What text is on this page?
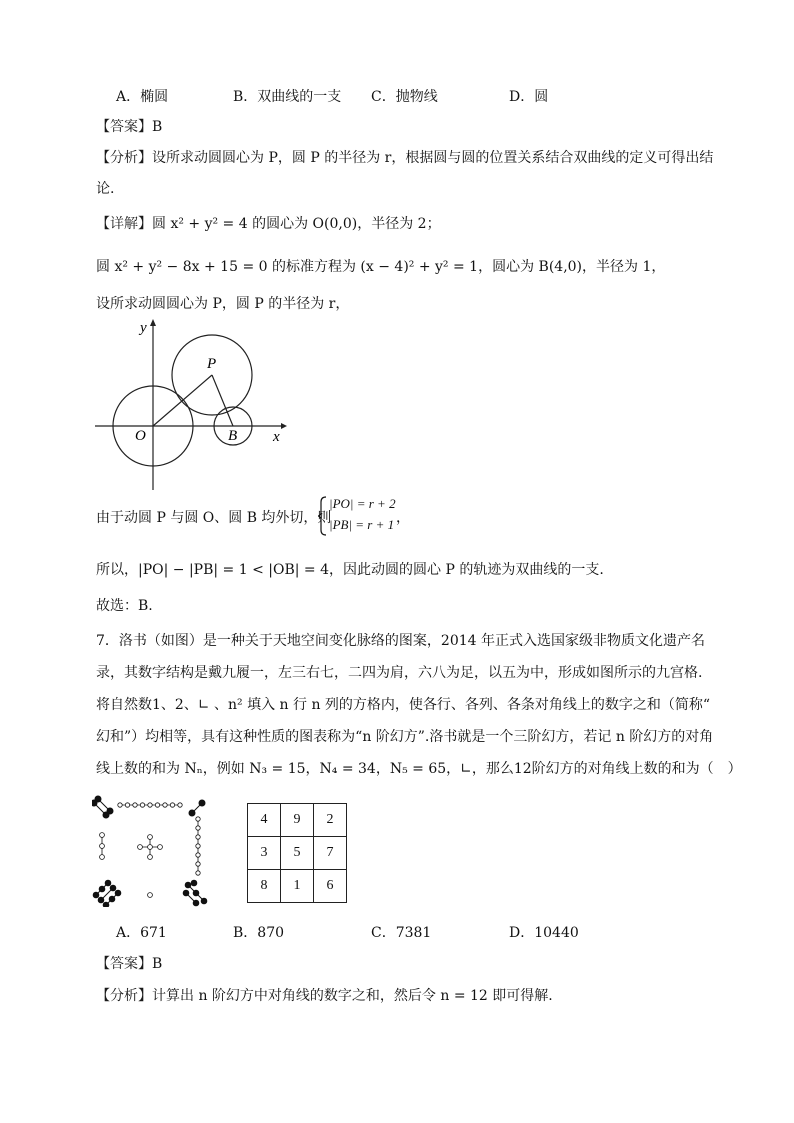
A．椭圆	B．双曲线的一支 C．抛物线	D．圆
【答案】B
【分析】设所求动圆圆心为 P，圆 P 的半径为 r，根据圆与圆的位置关系结合双曲线的定义可得出结
论.
【详解】圆 x² + y² = 4 的圆心为 O(0,0)，半径为 2；
圆 x² + y² − 8x + 15 = 0 的标准方程为 (x − 4)² + y² = 1，圆心为 B(4,0)，半径为 1，
设所求动圆圆心为 P，圆 P 的半径为 r，
y
x
O
P
B
由于动圆 P 与圆 O、圆 B 均外切，则
|PO| = r + 2
|PB| = r + 1 ，
所以，|PO| − |PB| = 1 < |OB| = 4，因此动圆的圆心 P 的轨迹为双曲线的一支.
故选：B.
7．洛书（如图）是一种关于天地空间变化脉络的图案，2014 年正式入选国家级非物质文化遗产名
录，其数字结构是戴九履一，左三右七，二四为肩，六八为足，以五为中，形成如图所示的九宫格.
将自然数1、2、∟ 、n² 填入 n 行 n 列的方格内，使各行、各列、各条对角线上的数字之和（简称“
幻和”）均相等，具有这种性质的图表称为“n 阶幻方”.洛书就是一个三阶幻方，若记 n 阶幻方的对角
线上数的和为 Nₙ，例如 N₃ = 15，N₄ = 34，N₅ = 65，∟，那么12阶幻方的对角线上数的和为（　）
4	9	2
3	5	7
8	1	6
A．671	B．870	C．7381	D．10440
【答案】B
【分析】计算出 n 阶幻方中对角线的数字之和，然后令 n = 12 即可得解.
